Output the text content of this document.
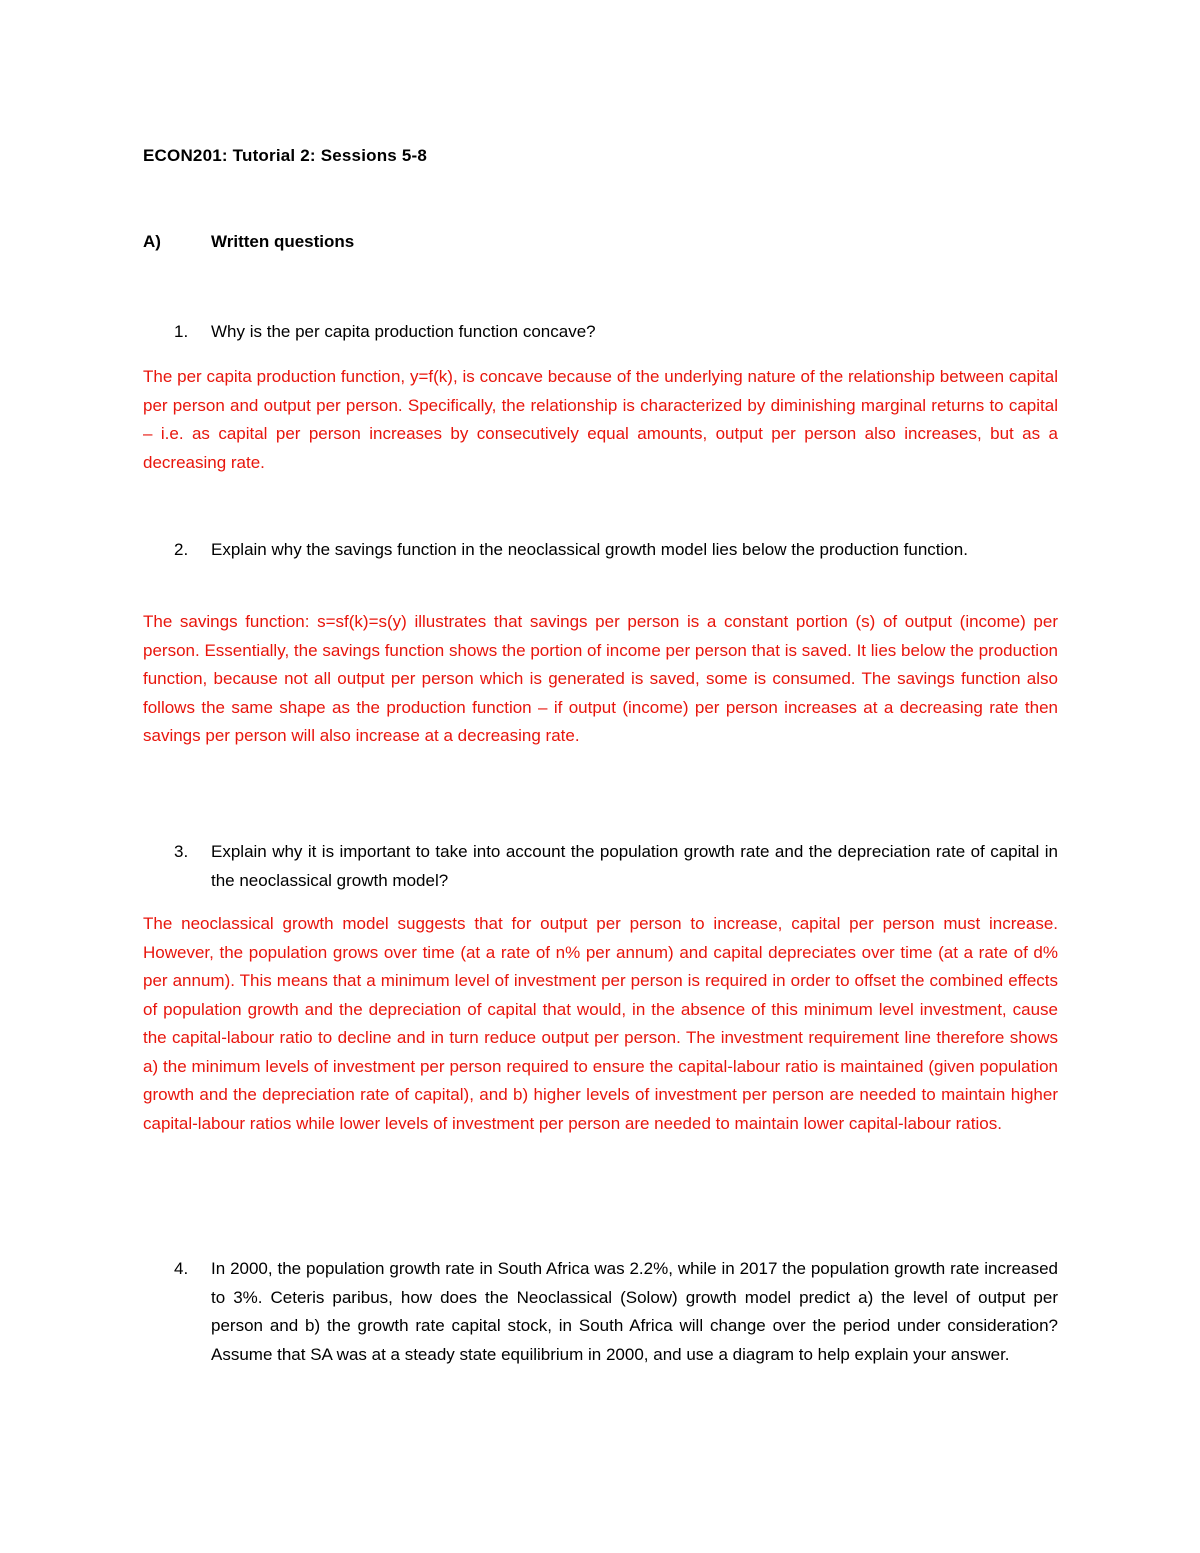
ECON201: Tutorial 2: Sessions 5-8
A)	Written questions
1. Why is the per capita production function concave?
The per capita production function, y=f(k), is concave because of the underlying nature of the relationship between capital per person and output per person. Specifically, the relationship is characterized by diminishing marginal returns to capital – i.e. as capital per person increases by consecutively equal amounts, output per person also increases, but as a decreasing rate.
2. Explain why the savings function in the neoclassical growth model lies below the production function.
The savings function: s=sf(k)=s(y) illustrates that savings per person is a constant portion (s) of output (income) per person. Essentially, the savings function shows the portion of income per person that is saved. It lies below the production function, because not all output per person which is generated is saved, some is consumed. The savings function also follows the same shape as the production function – if output (income) per person increases at a decreasing rate then savings per person will also increase at a decreasing rate.
3. Explain why it is important to take into account the population growth rate and the depreciation rate of capital in the neoclassical growth model?
The neoclassical growth model suggests that for output per person to increase, capital per person must increase. However, the population grows over time (at a rate of n% per annum) and capital depreciates over time (at a rate of d% per annum). This means that a minimum level of investment per person is required in order to offset the combined effects of population growth and the depreciation of capital that would, in the absence of this minimum level investment, cause the capital-labour ratio to decline and in turn reduce output per person. The investment requirement line therefore shows a) the minimum levels of investment per person required to ensure the capital-labour ratio is maintained (given population growth and the depreciation rate of capital), and b) higher levels of investment per person are needed to maintain higher capital-labour ratios while lower levels of investment per person are needed to maintain lower capital-labour ratios.
4. In 2000, the population growth rate in South Africa was 2.2%, while in 2017 the population growth rate increased to 3%. Ceteris paribus, how does the Neoclassical (Solow) growth model predict a) the level of output per person and b) the growth rate capital stock, in South Africa will change over the period under consideration? Assume that SA was at a steady state equilibrium in 2000, and use a diagram to help explain your answer.
